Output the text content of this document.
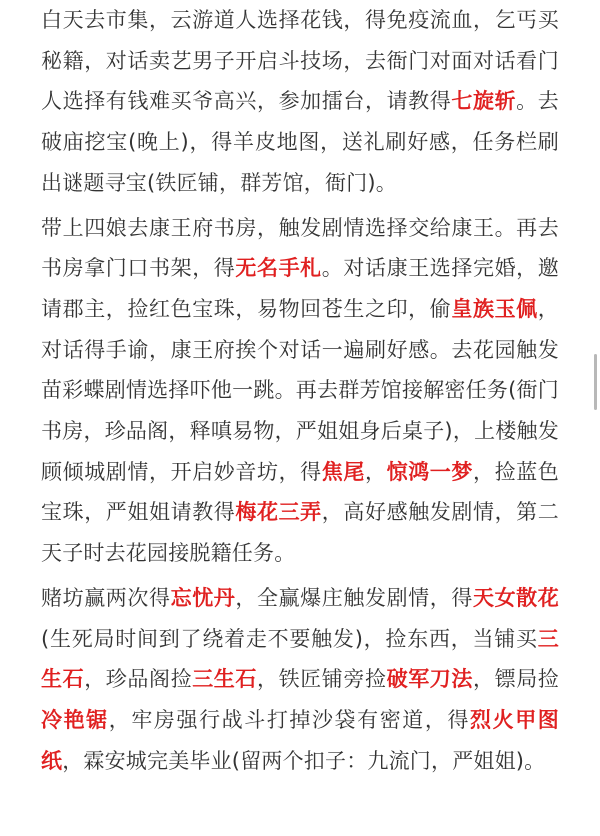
白天去市集，云游道人选择花钱，得免疫流血，乞丐买秘籍，对话卖艺男子开启斗技场，去衙门对面对话看门人选择有钱难买爷高兴，参加擂台，请教得七旋斩。去破庙挖宝(晚上)，得羊皮地图，送礼刷好感，任务栏刷出谜题寻宝(铁匠铺，群芳馆，衙门)。

带上四娘去康王府书房，触发剧情选择交给康王。再去书房拿门口书架，得无名手札。对话康王选择完婚，邀请郡主，捡红色宝珠，易物回苍生之印，偷皇族玉佩，对话得手谕，康王府挨个对话一遍刷好感。去花园触发苗彩蝶剧情选择吓他一跳。再去群芳馆接解密任务(衙门书房，珍品阁，释嗔易物，严姐姐身后桌子)，上楼触发顾倾城剧情，开启妙音坊，得焦尾，惊鸿一梦，捡蓝色宝珠，严姐姐请教得梅花三弄，高好感触发剧情，第二天子时去花园接脱籍任务。

赌坊赢两次得忘忧丹，全赢爆庄触发剧情，得天女散花(生死局时间到了绕着走不要触发)，捡东西，当铺买三生石，珍品阁捡三生石，铁匠铺旁捡破军刀法，镖局捡冷艳锯，牢房强行战斗打掉沙袋有密道，得烈火甲图纸，霖安城完美毕业(留两个扣子：九流门，严姐姐)。
